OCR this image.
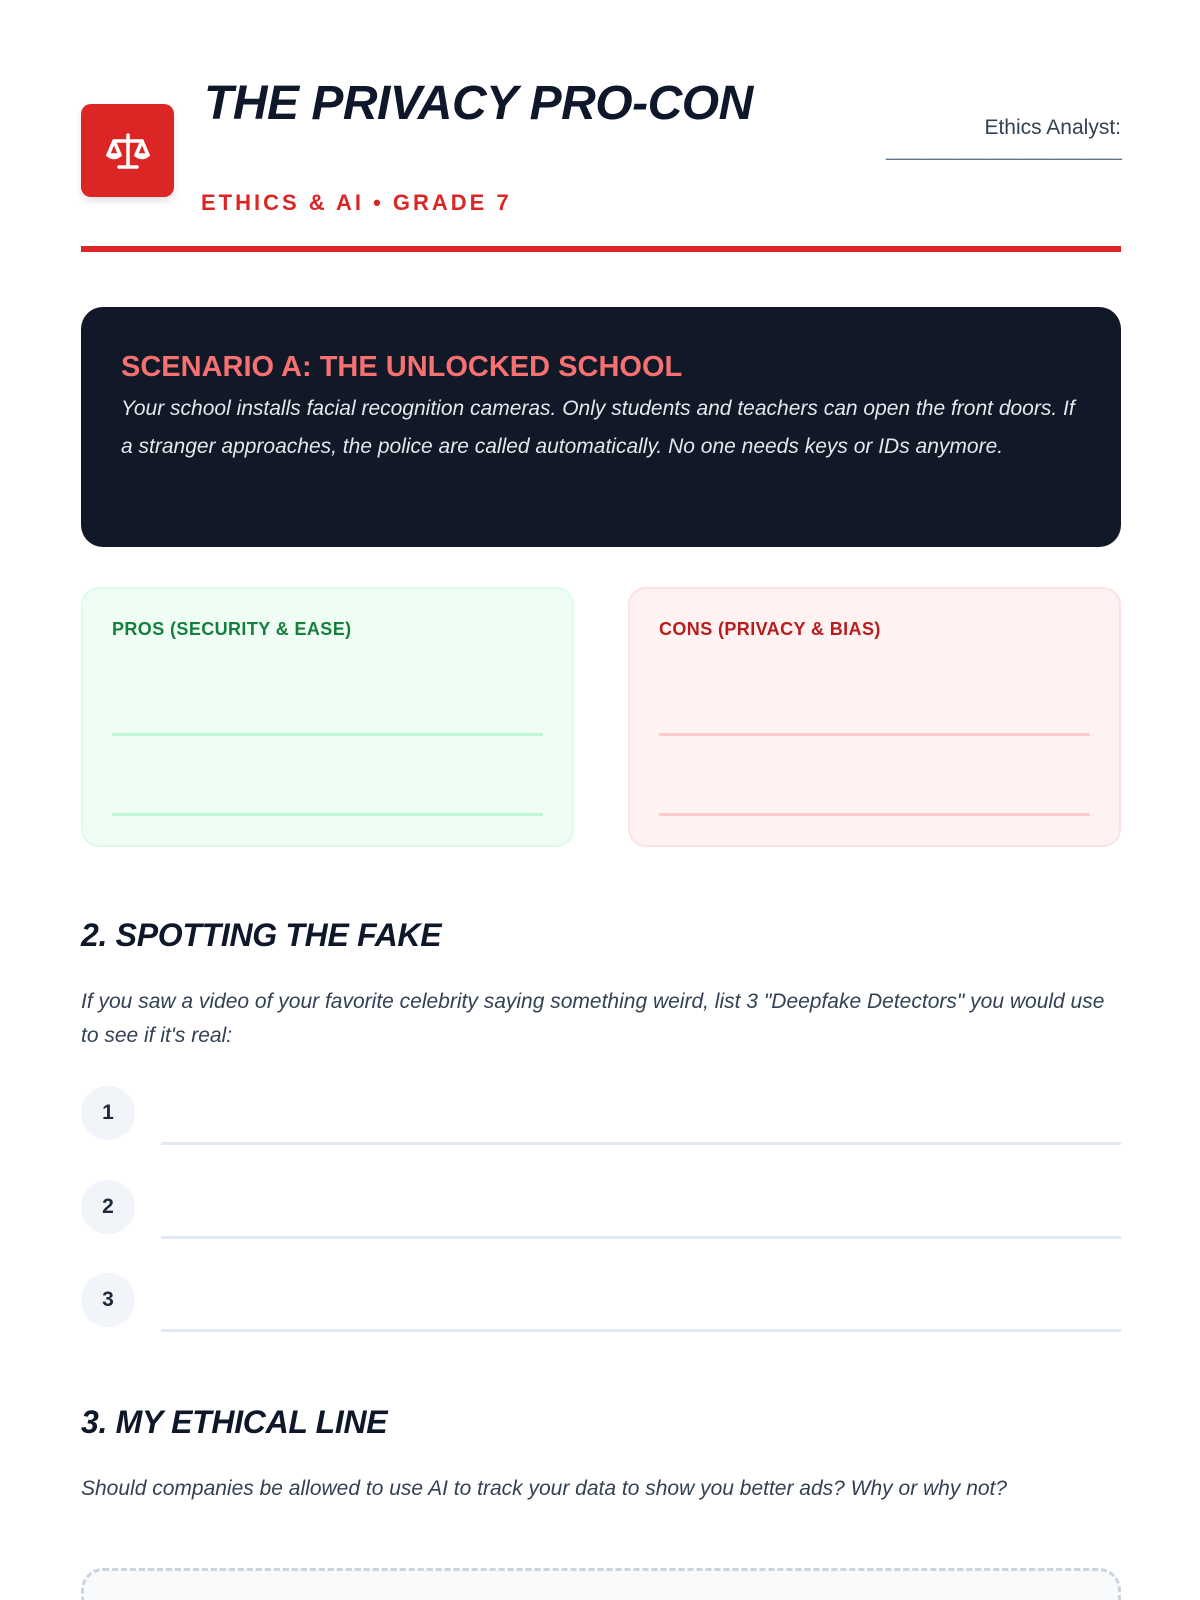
THE PRIVACY PRO-CON
ETHICS & AI • GRADE 7
Ethics Analyst:
______________________
SCENARIO A: THE UNLOCKED SCHOOL
Your school installs facial recognition cameras. Only students and teachers can open the front doors. If a stranger approaches, the police are called automatically. No one needs keys or IDs anymore.
PROS (SECURITY & EASE)	CONS (PRIVACY & BIAS)
2. SPOTTING THE FAKE
If you saw a video of your favorite celebrity saying something weird, list 3 "Deepfake Detectors" you would use to see if it's real:
1
2
3
3. MY ETHICAL LINE
Should companies be allowed to use AI to track your data to show you better ads? Why or why not?
